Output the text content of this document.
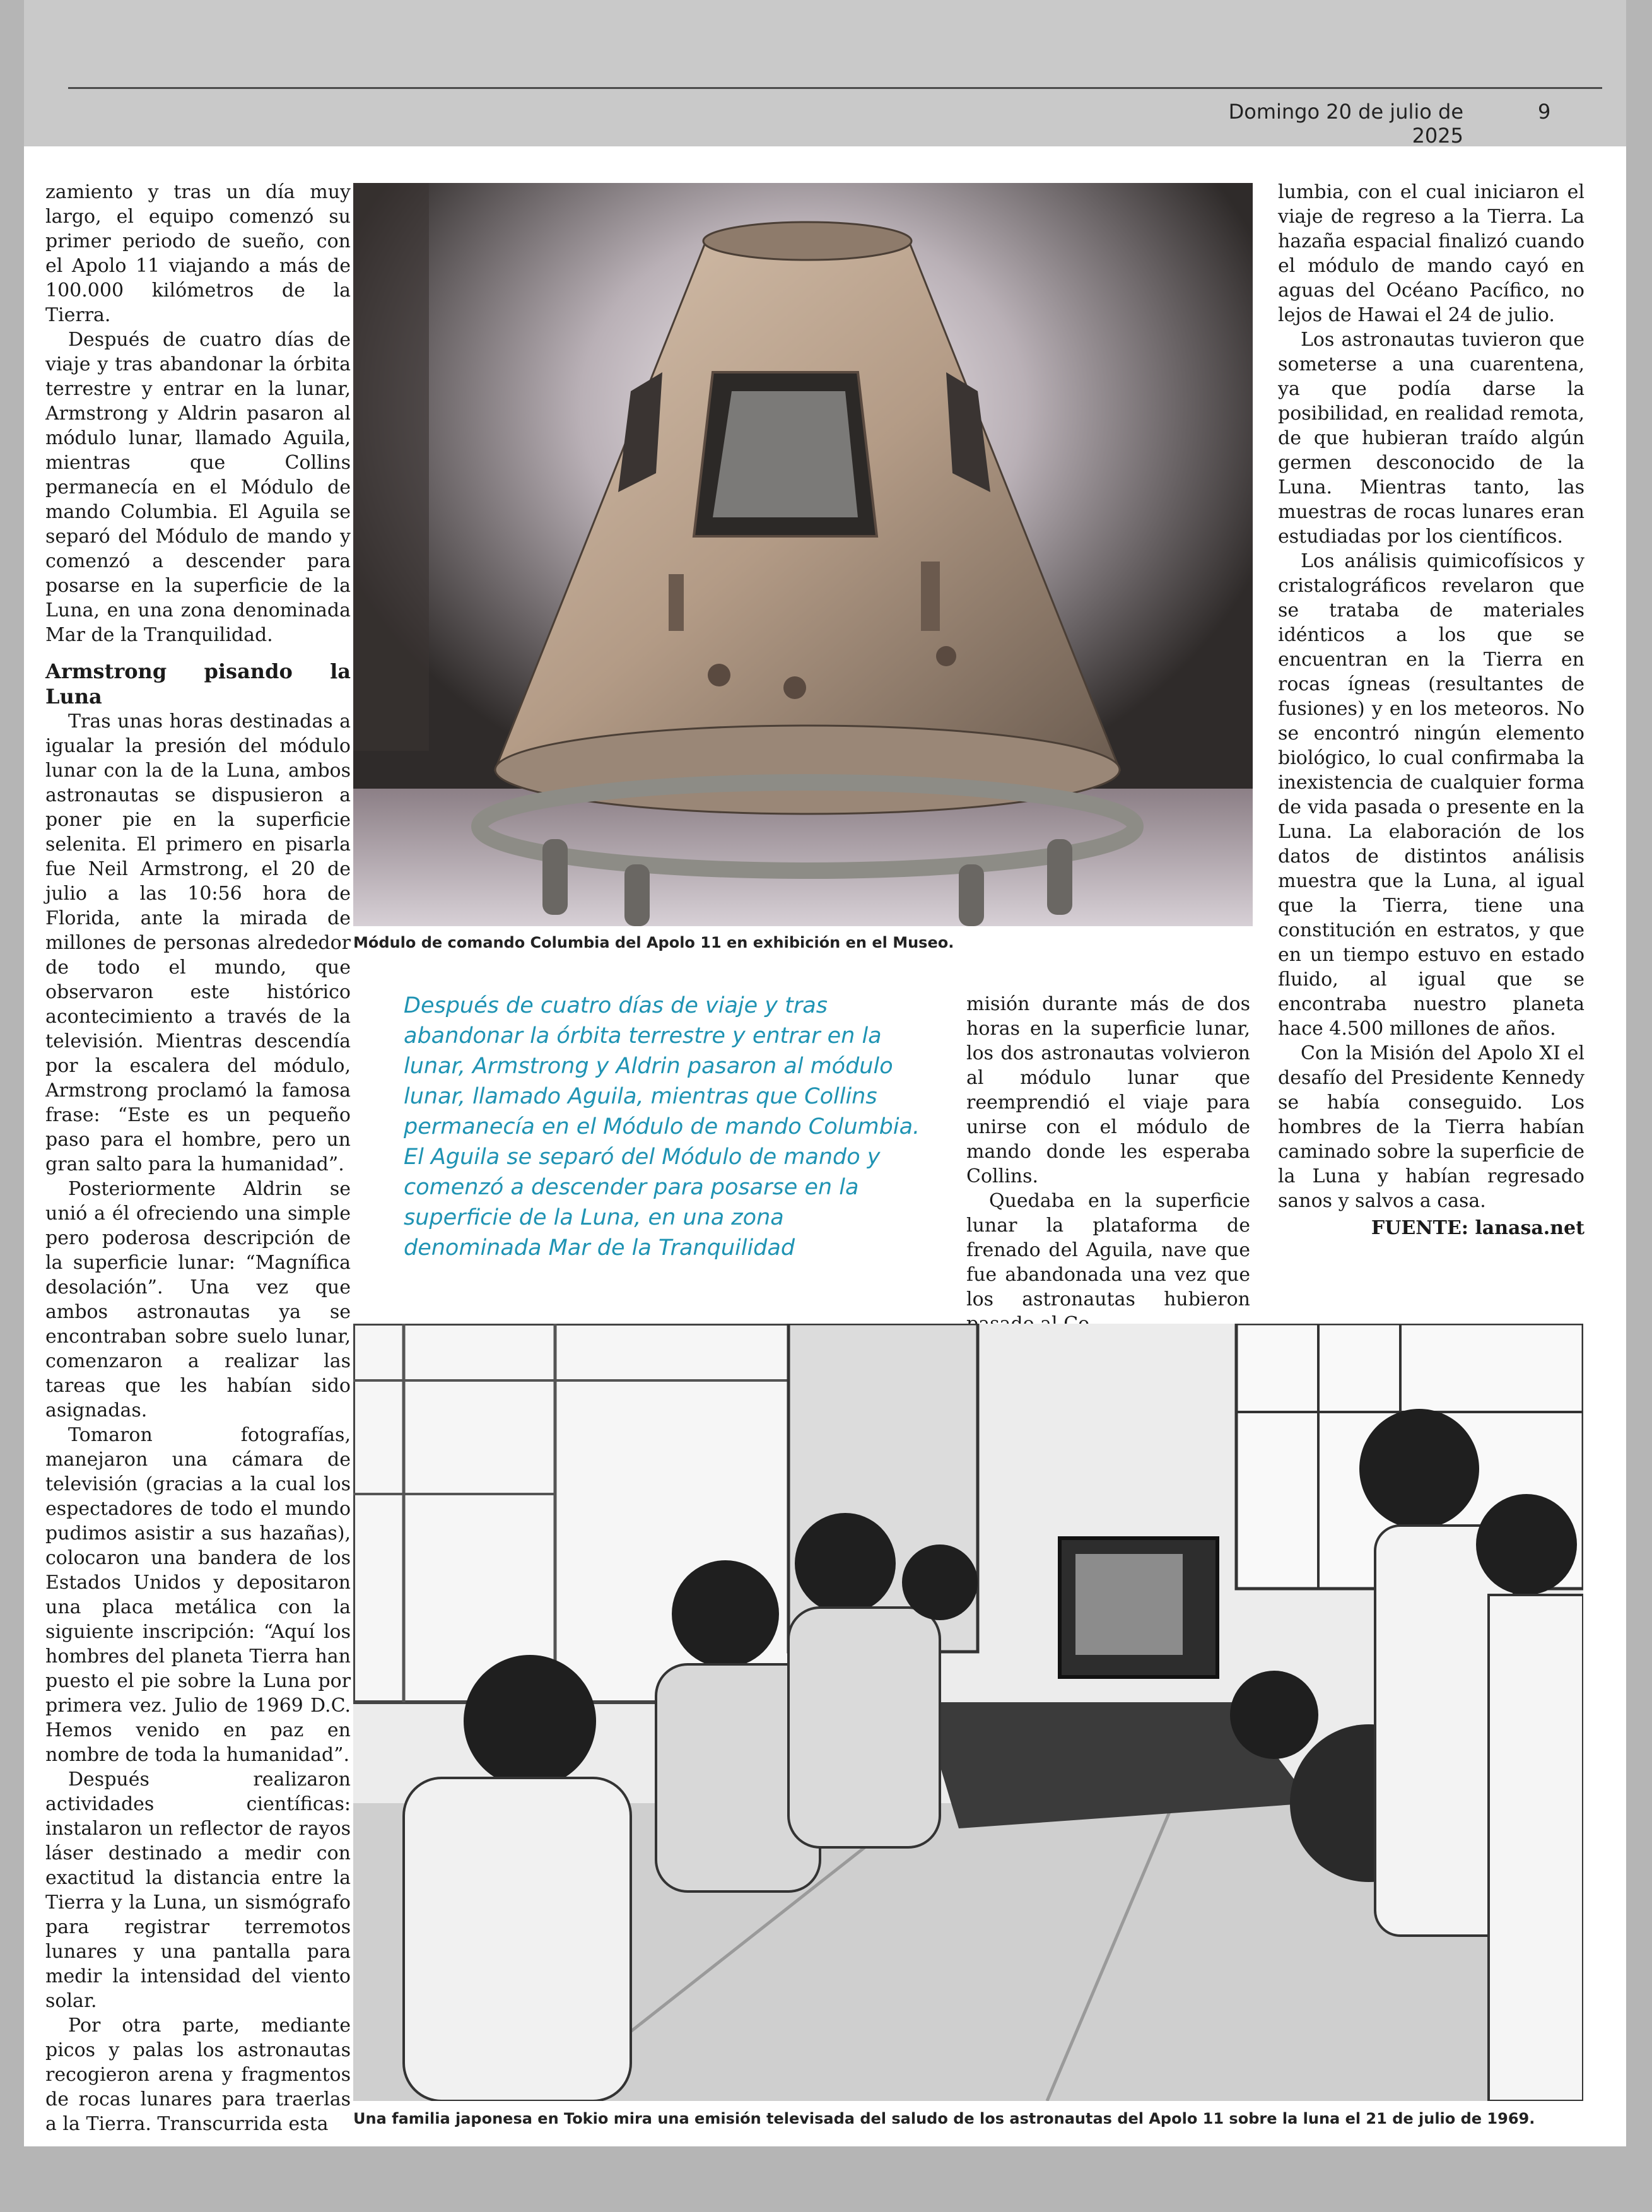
Domingo 20 de julio de 2025
9

zamiento y tras un día muy largo, el equipo comenzó su primer periodo de sueño, con el Apolo 11 viajando a más de 100.000 kilómetros de la Tierra.

Después de cuatro días de viaje y tras abandonar la órbita terrestre y entrar en la lunar, Armstrong y Aldrin pasaron al módulo lunar, llamado Aguila, mientras que Collins permanecía en el Módulo de mando Columbia. El Aguila se separó del Módulo de mando y comenzó a descender para posarse en la superficie de la Luna, en una zona denominada Mar de la Tranquilidad.

Armstrong pisando la Luna

Tras unas horas destinadas a igualar la presión del módulo lunar con la de la Luna, ambos astronautas se dispusieron a poner pie en la superficie selenita. El primero en pisarla fue Neil Armstrong, el 20 de julio a las 10:56 hora de Florida, ante la mirada de millones de personas alrededor de todo el mundo, que observaron este histórico acontecimiento a través de la televisión. Mientras descendía por la escalera del módulo, Armstrong proclamó la famosa frase: “Este es un pequeño paso para el hombre, pero un gran salto para la humanidad”.

Posteriormente Aldrin se unió a él ofreciendo una simple pero poderosa descripción de la superficie lunar: “Magnífica desolación”. Una vez que ambos astronautas ya se encontraban sobre suelo lunar, comenzaron a realizar las tareas que les habían sido asignadas.

Tomaron fotografías, manejaron una cámara de televisión (gracias a la cual los espectadores de todo el mundo pudimos asistir a sus hazañas), colocaron una bandera de los Estados Unidos y depositaron una placa metálica con la siguiente inscripción: “Aquí los hombres del planeta Tierra han puesto el pie sobre la Luna por primera vez. Julio de 1969 D.C. Hemos venido en paz en nombre de toda la humanidad”.

Después realizaron actividades científicas: instalaron un reflector de rayos láser destinado a medir con exactitud la distancia entre la Tierra y la Luna, un sismógrafo para registrar terremotos lunares y una pantalla para medir la intensidad del viento solar.

Por otra parte, mediante picos y palas los astronautas recogieron arena y fragmentos de rocas lunares para traerlas a la Tierra. Transcurrida esta

Módulo de comando Columbia del Apolo 11 en exhibición en el Museo.
Después de cuatro días de viaje y tras abandonar la órbita terrestre y entrar en la lunar, Armstrong y Aldrin pasaron al módulo lunar, llamado Aguila, mientras que Collins permanecía en el Módulo de mando Columbia. El Aguila se separó del Módulo de mando y comenzó a descender para posarse en la superficie de la Luna, en una zona denominada Mar de la Tranquilidad

misión durante más de dos horas en la superficie lunar, los dos astronautas volvieron al módulo lunar que reemprendió el viaje para unirse con el módulo de mando donde les esperaba Collins.

Quedaba en la superficie lunar la plataforma de frenado del Aguila, nave que fue abandonada una vez que los astronautas hubieron

lumbia, con el cual iniciaron el viaje de regreso a la Tierra. La hazaña espacial finalizó cuando el módulo de mando cayó en aguas del Océano Pacífico, no lejos de Hawai el 24 de julio.

Los astronautas tuvieron que someterse a una cuarentena, ya que podía darse la posibilidad, en realidad remota, de que hubieran traído algún germen desconocido de la Luna. Mientras tanto, las muestras de rocas lunares eran estudiadas por los científicos.

Los análisis quimicofísicos y cristalográficos revelaron que se trataba de materiales idénticos a los que se encuentran en la Tierra en rocas ígneas (resultantes de fusiones) y en los meteoros. No se encontró ningún elemento biológico, lo cual confirmaba la inexistencia de cualquier forma de vida pasada o presente en la Luna. La elaboración de los datos de distintos análisis muestra que la Luna, al igual que la Tierra, tiene una constitución en estratos, y que en un tiempo estuvo en estado fluido, al igual que se encontraba nuestro planeta hace 4.500 millones de años.

Con la Misión del Apolo XI el desafío del Presidente Kennedy se había conseguido. Los hombres de la Tierra habían caminado sobre la superficie de la Luna y habían regresado sanos y salvos a casa.

FUENTE: lanasa.net
Una familia japonesa en Tokio mira una emisión televisada del saludo de los astronautas del Apolo 11 sobre la luna el 21 de julio de 1969.
